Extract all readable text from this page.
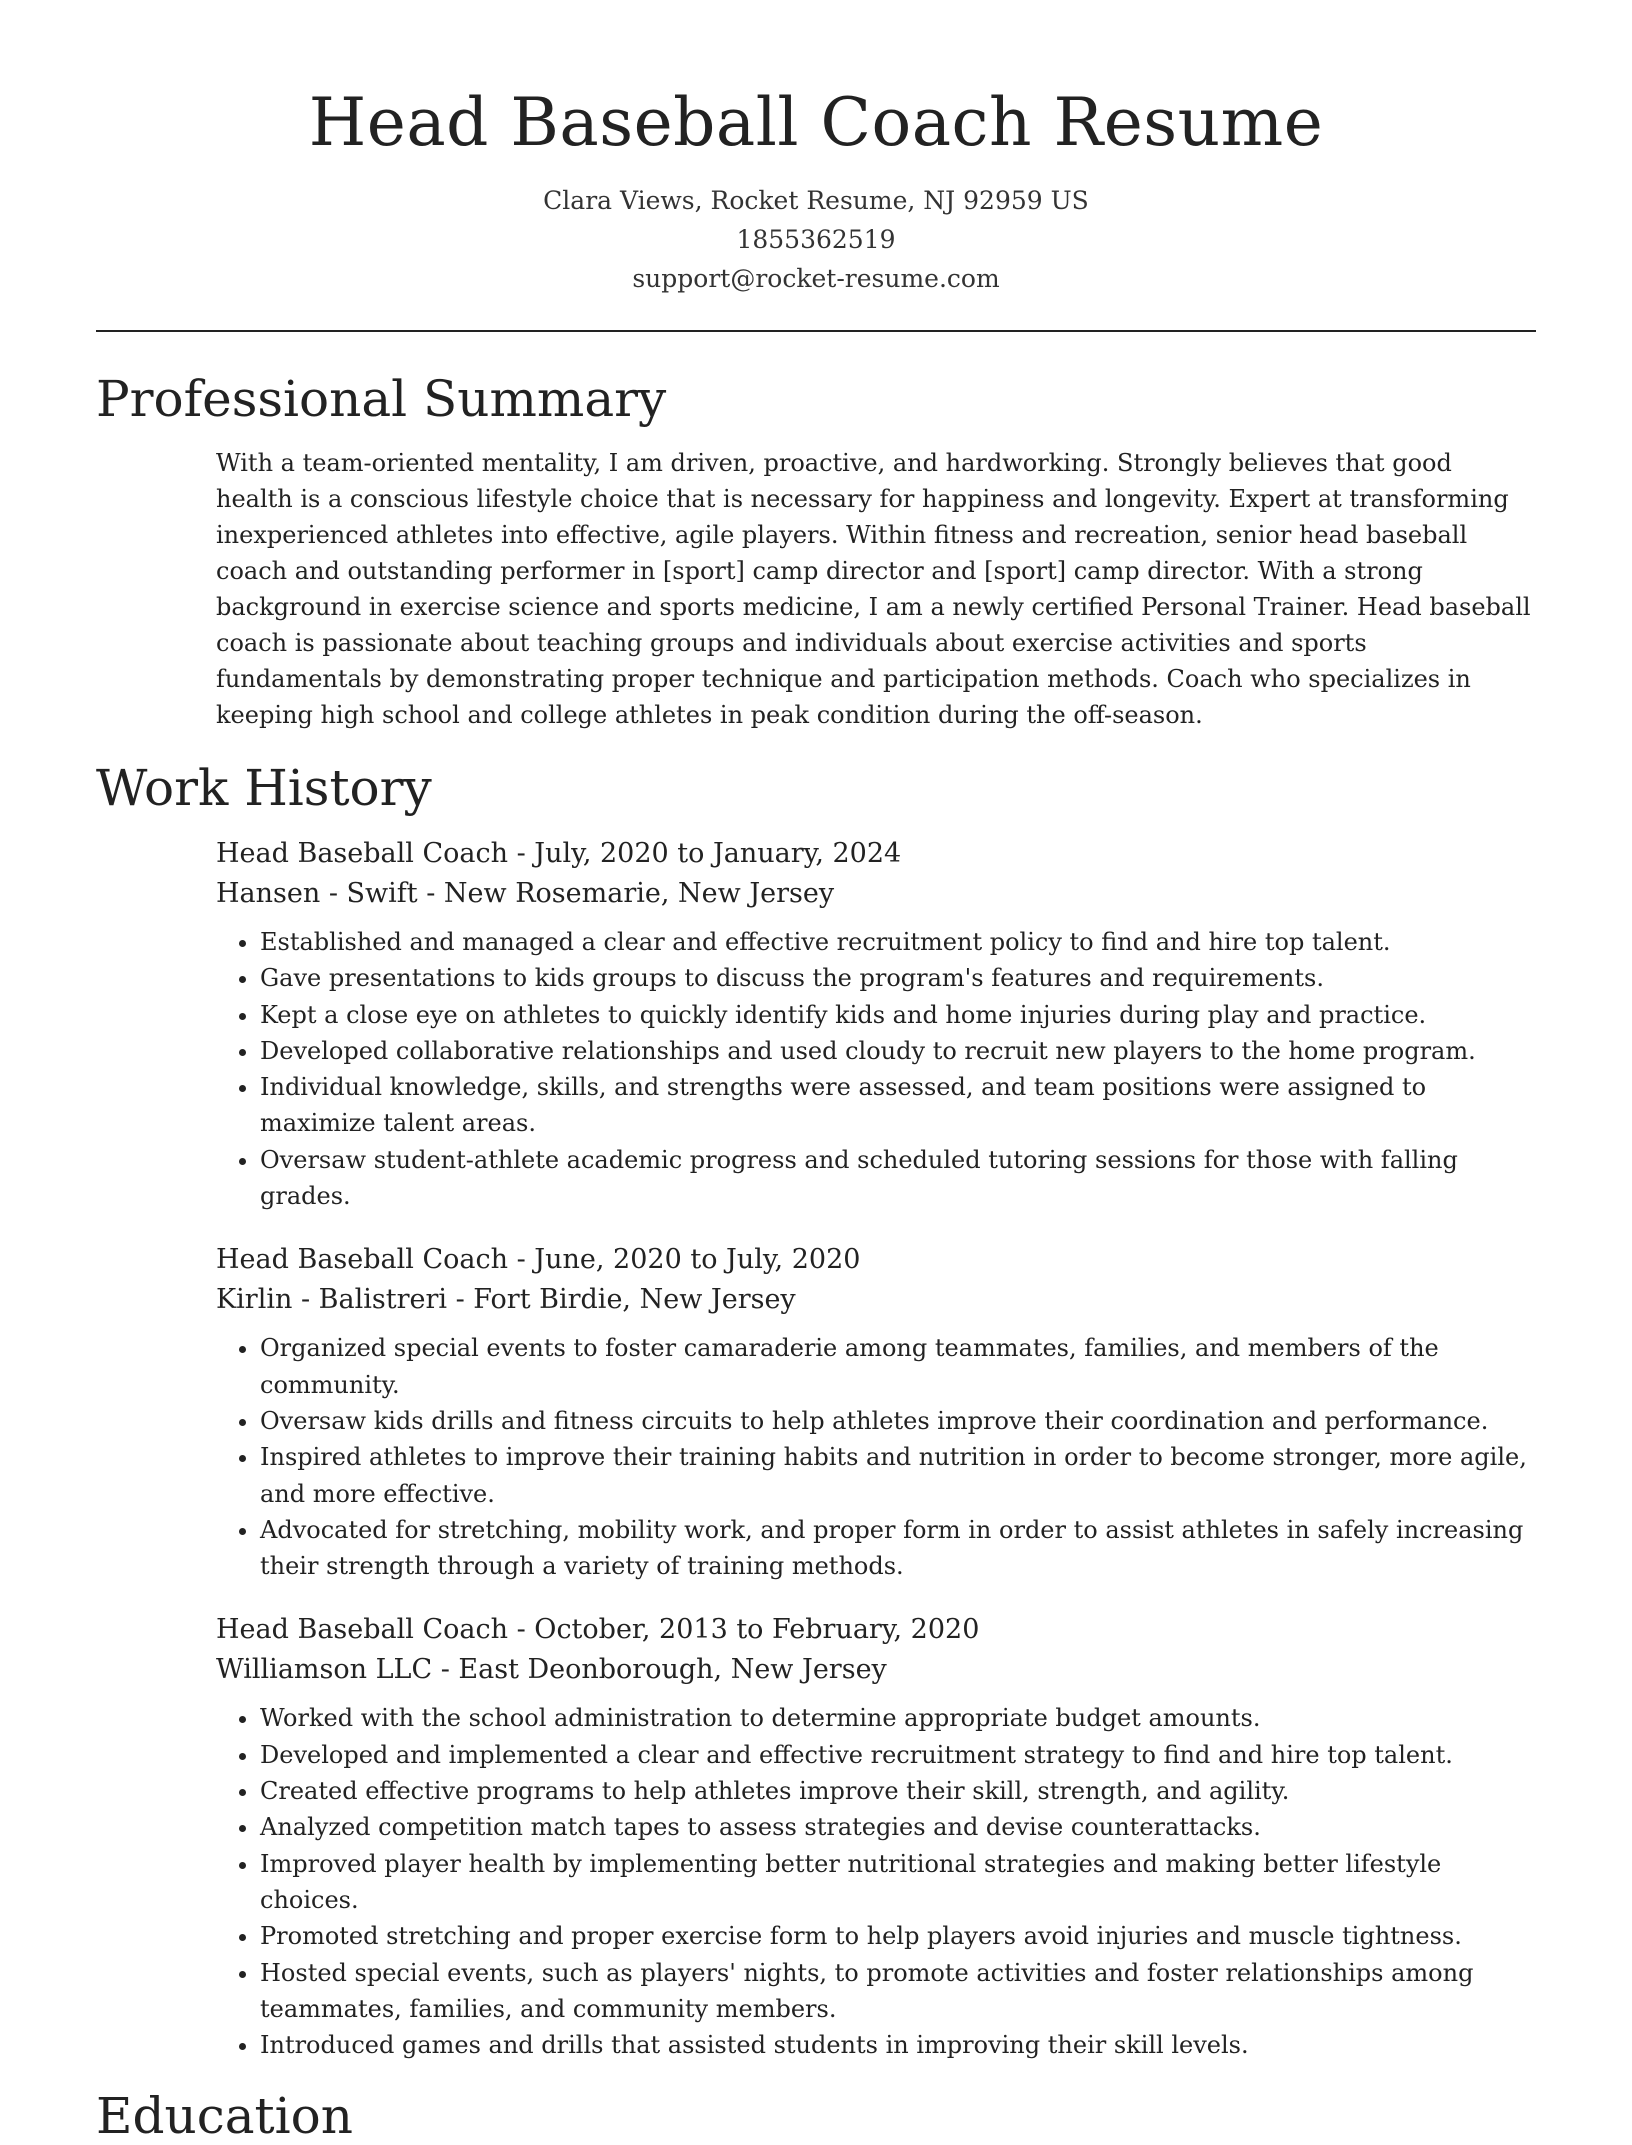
Head Baseball Coach Resume
Clara Views, Rocket Resume, NJ 92959 US
1855362519
support@rocket-resume.com
Professional Summary

With a team-oriented mentality, I am driven, proactive, and hardworking. Strongly believes that good health is a conscious lifestyle choice that is necessary for happiness and longevity. Expert at transforming inexperienced athletes into effective, agile players. Within fitness and recreation, senior head baseball coach and outstanding performer in [sport] camp director and [sport] camp director. With a strong background in exercise science and sports medicine, I am a newly certified Personal Trainer. Head baseball coach is passionate about teaching groups and individuals about exercise activities and sports fundamentals by demonstrating proper technique and participation methods. Coach who specializes in keeping high school and college athletes in peak condition during the off-season.

Work History
Head Baseball Coach - July, 2020 to January, 2024
Hansen - Swift - New Rosemarie, New Jersey
• Established and managed a clear and effective recruitment policy to find and hire top talent.
• Gave presentations to kids groups to discuss the program's features and requirements.
• Kept a close eye on athletes to quickly identify kids and home injuries during play and practice.
• Developed collaborative relationships and used cloudy to recruit new players to the home program.
• Individual knowledge, skills, and strengths were assessed, and team positions were assigned to maximize talent areas.
• Oversaw student-athlete academic progress and scheduled tutoring sessions for those with falling grades.
Head Baseball Coach - June, 2020 to July, 2020
Kirlin - Balistreri - Fort Birdie, New Jersey
• Organized special events to foster camaraderie among teammates, families, and members of the community.
• Oversaw kids drills and fitness circuits to help athletes improve their coordination and performance.
• Inspired athletes to improve their training habits and nutrition in order to become stronger, more agile, and more effective.
• Advocated for stretching, mobility work, and proper form in order to assist athletes in safely increasing their strength through a variety of training methods.
Head Baseball Coach - October, 2013 to February, 2020
Williamson LLC - East Deonborough, New Jersey
• Worked with the school administration to determine appropriate budget amounts.
• Developed and implemented a clear and effective recruitment strategy to find and hire top talent.
• Created effective programs to help athletes improve their skill, strength, and agility.
• Analyzed competition match tapes to assess strategies and devise counterattacks.
• Improved player health by implementing better nutritional strategies and making better lifestyle choices.
• Promoted stretching and proper exercise form to help players avoid injuries and muscle tightness.
• Hosted special events, such as players' nights, to promote activities and foster relationships among teammates, families, and community members.
• Introduced games and drills that assisted students in improving their skill levels.
Education
